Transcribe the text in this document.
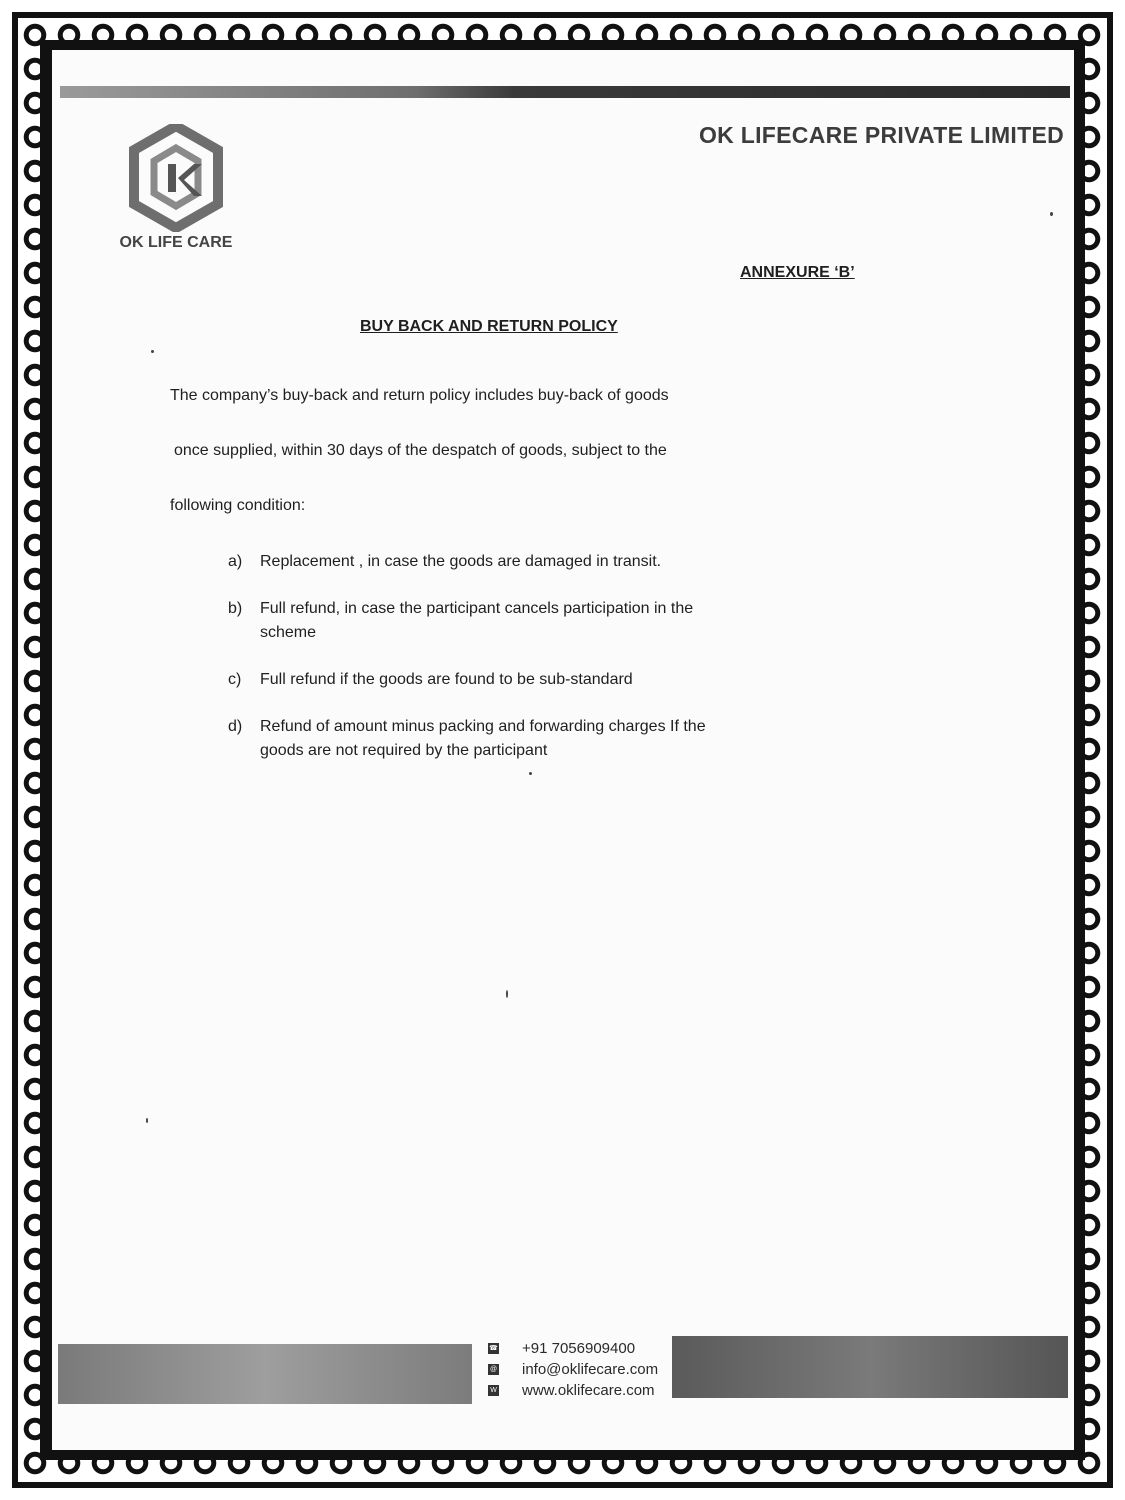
OK LIFECARE PRIVATE LIMITED
OK LIFE CARE
ANNEXURE ‘B’
BUY BACK AND RETURN POLICY
The company’s buy-back and return policy includes buy-back of goods
once supplied, within 30 days of the despatch of goods, subject to the
following condition:
a)	Replacement , in case the goods are damaged in transit.
b)	Full refund, in case the participant cancels participation in the scheme
c)	Full refund if the goods are found to be sub-standard
d)	Refund of amount minus packing and forwarding charges If the goods are not required by the participant
☎ +91 7056909400
@ info@oklifecare.com
W www.oklifecare.com
